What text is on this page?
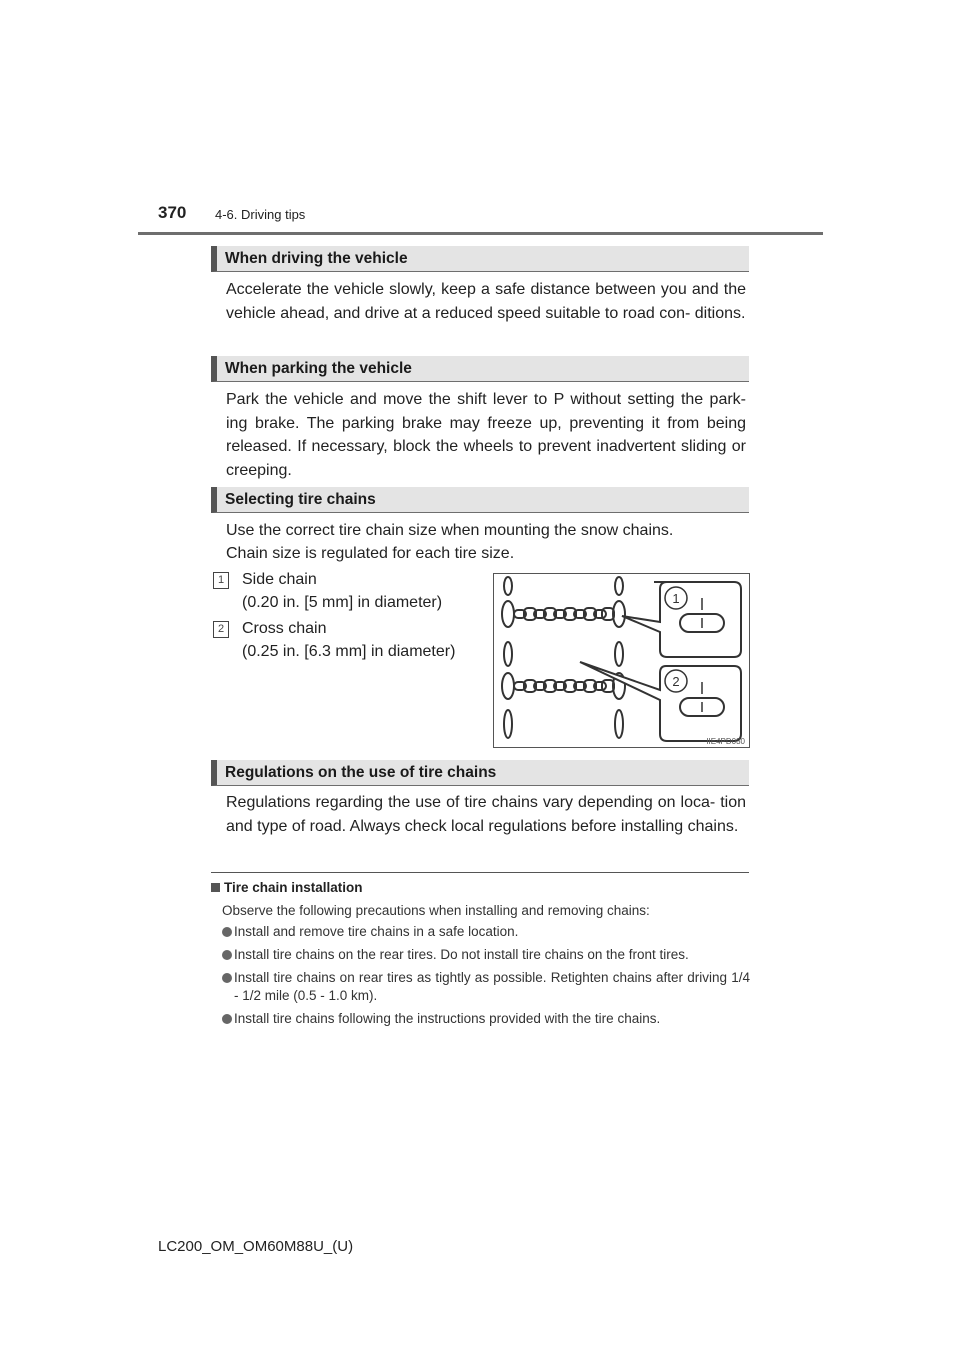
370 4-6. Driving tips
When driving the vehicle
Accelerate the vehicle slowly, keep a safe distance between you and the vehicle ahead, and drive at a reduced speed suitable to road con- ditions.
When parking the vehicle
Park the vehicle and move the shift lever to P without setting the park- ing brake. The parking brake may freeze up, preventing it from being released. If necessary, block the wheels to prevent inadvertent sliding or creeping.
Selecting tire chains
Use the correct tire chain size when mounting the snow chains.
Chain size is regulated for each tire size.
1	Side chain
(0.20 in. [5 mm] in diameter)
2	Cross chain
(0.25 in. [6.3 mm] in diameter)
1
2
IIE4PD030
Regulations on the use of tire chains
Regulations regarding the use of tire chains vary depending on loca- tion and type of road. Always check local regulations before installing chains.
Tire chain installation
Observe the following precautions when installing and removing chains:
Install and remove tire chains in a safe location.
Install tire chains on the rear tires. Do not install tire chains on the front tires.
Install tire chains on rear tires as tightly as possible. Retighten chains after driving 1/4 - 1/2 mile (0.5 - 1.0 km).
Install tire chains following the instructions provided with the tire chains.
LC200_OM_OM60M88U_(U)
